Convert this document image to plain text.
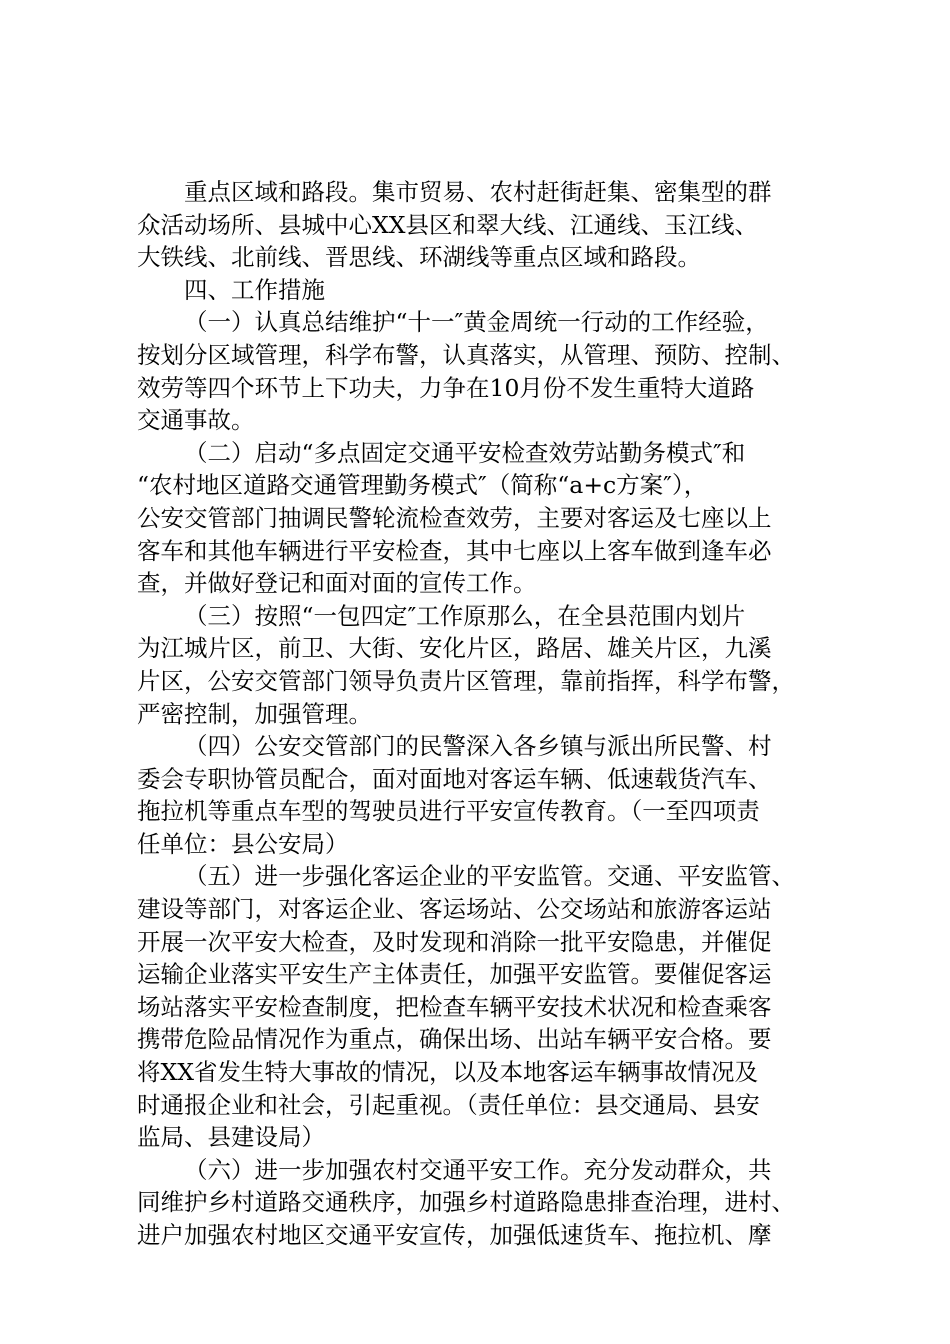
重点区域和路段。集市贸易、农村赶街赶集、密集型的群
众活动场所、县城中心XX县区和翠大线、江通线、玉江线、
大铁线、北前线、晋思线、环湖线等重点区域和路段。
四、工作措施
（一）认真总结维护“十一″黄金周统一行动的工作经验，
按划分区域管理，科学布警，认真落实，从管理、预防、控制、
效劳等四个环节上下功夫，力争在10月份不发生重特大道路
交通事故。
（二）启动“多点固定交通平安检查效劳站勤务模式″和
“农村地区道路交通管理勤务模式″（简称“a+c方案″），
公安交管部门抽调民警轮流检查效劳，主要对客运及七座以上
客车和其他车辆进行平安检查，其中七座以上客车做到逢车必
查，并做好登记和面对面的宣传工作。
（三）按照“一包四定″工作原那么，在全县范围内划片
为江城片区，前卫、大街、安化片区，路居、雄关片区，九溪
片区，公安交管部门领导负责片区管理，靠前指挥，科学布警，
严密控制，加强管理。
（四）公安交管部门的民警深入各乡镇与派出所民警、村
委会专职协管员配合，面对面地对客运车辆、低速载货汽车、
拖拉机等重点车型的驾驶员进行平安宣传教育。（一至四项责
任单位：县公安局）
（五）进一步强化客运企业的平安监管。交通、平安监管、
建设等部门，对客运企业、客运场站、公交场站和旅游客运站
开展一次平安大检查，及时发现和消除一批平安隐患，并催促
运输企业落实平安生产主体责任，加强平安监管。要催促客运
场站落实平安检查制度，把检查车辆平安技术状况和检查乘客
携带危险品情况作为重点，确保出场、出站车辆平安合格。要
将XX省发生特大事故的情况，以及本地客运车辆事故情况及
时通报企业和社会，引起重视。（责任单位：县交通局、县安
监局、县建设局）
（六）进一步加强农村交通平安工作。充分发动群众，共
同维护乡村道路交通秩序，加强乡村道路隐患排查治理，进村、
进户加强农村地区交通平安宣传，加强低速货车、拖拉机、摩
